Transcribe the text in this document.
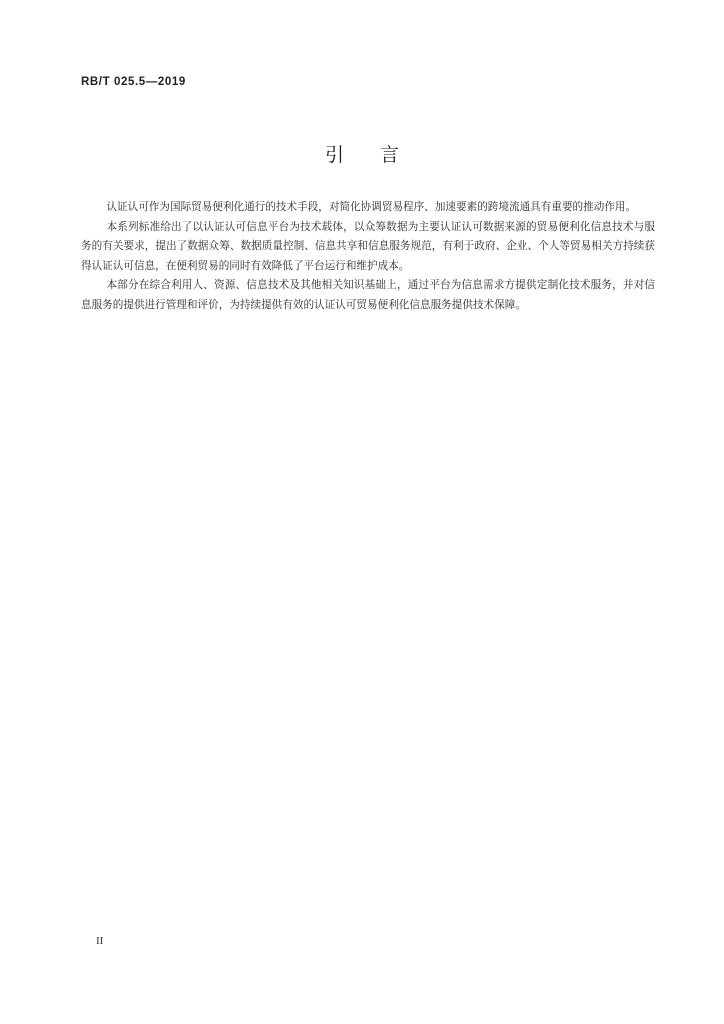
RB/T 025.5—2019
引言

认证认可作为国际贸易便利化通行的技术手段，对简化协调贸易程序、加速要素的跨境流通具有重要的推动作用。

本系列标准给出了以认证认可信息平台为技术载体，以众筹数据为主要认证认可数据来源的贸易便利化信息技术与服务的有关要求，提出了数据众筹、数据质量控制、信息共享和信息服务规范，有利于政府、企业、个人等贸易相关方持续获得认证认可信息，在便利贸易的同时有效降低了平台运行和维护成本。

本部分在综合利用人、资源、信息技术及其他相关知识基础上，通过平台为信息需求方提供定制化技术服务，并对信息服务的提供进行管理和评价，为持续提供有效的认证认可贸易便利化信息服务提供技术保障。

II
